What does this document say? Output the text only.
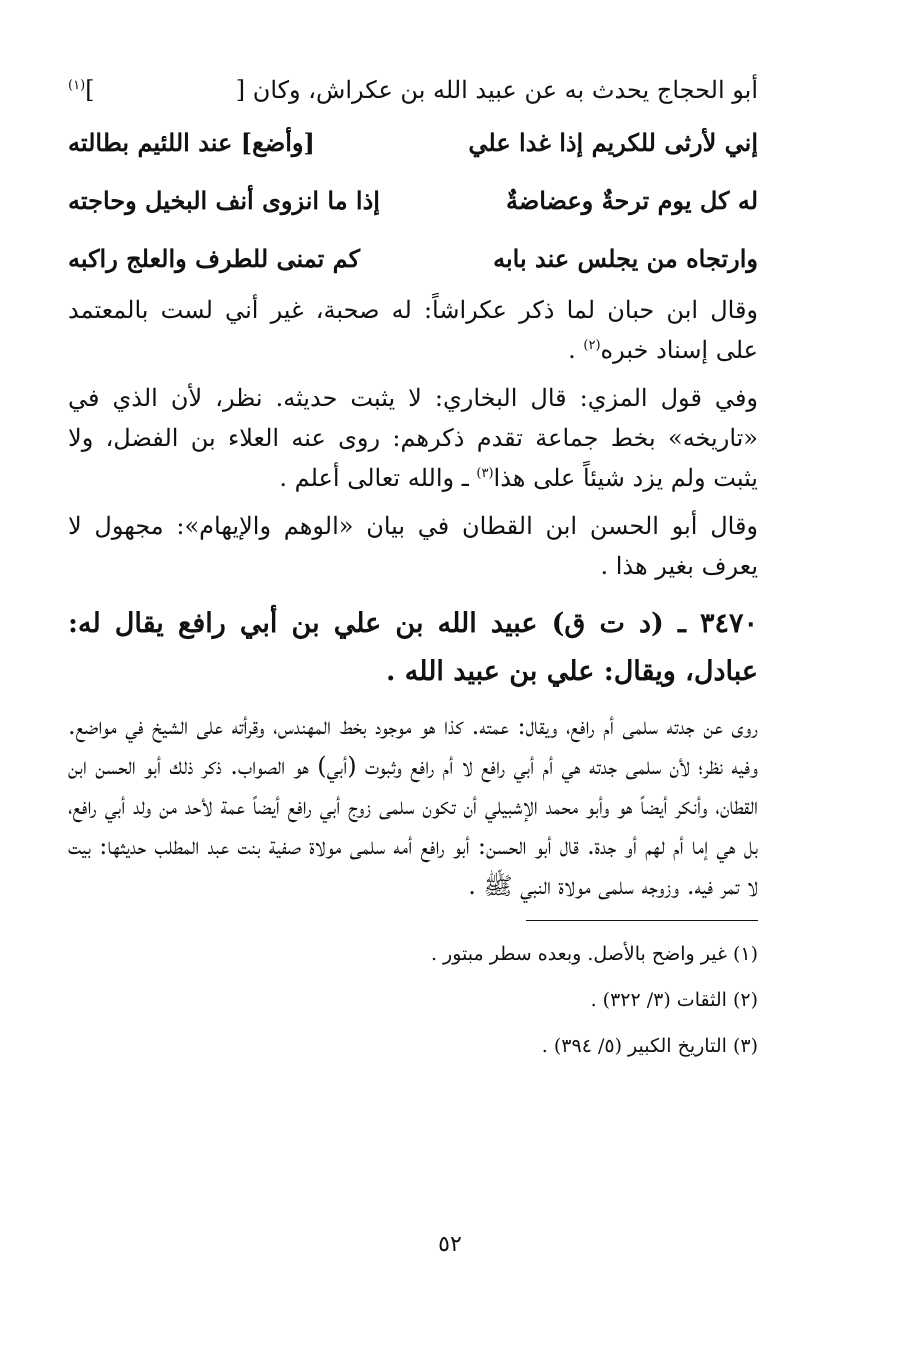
أبو الحجاج يحدث به عن عبيد الله بن عكراش، وكان [
]$^{(١)}$
إني لأرثى للكريم إذا غدا علي
[وأضع] عند اللئيم بطالته
له كل يوم ترحةٌ وعضاضةٌ
إذا ما انزوى أنف البخيل وحاجته
وارتجاه من يجلس عند بابه
كم تمنى للطرف والعلج راكبه

وقال ابن حبان لما ذكر عكراشاً: له صحبة، غير أني لست بالمعتمد على إسناد خبره$^{(٢)}$ .

وفي قول المزي: قال البخاري: لا يثبت حديثه. نظر، لأن الذي في «تاريخه» بخط جماعة تقدم ذكرهم: روى عنه العلاء بن الفضل، ولا يثبت ولم يزد شيئاً على هذا$^{(٣)}$ ـ والله تعالى أعلم .

وقال أبو الحسن ابن القطان في بيان «الوهم والإيهام»: مجهول لا يعرف بغير هذا .

٣٤٧٠ ـ (د ت ق) عبيد الله بن علي بن أبي رافع يقال له: عبادل، ويقال: علي بن عبيد الله .

روى عن جدته سلمى أم رافع، ويقال: عمته. كذا هو موجود بخط المهندس، وقرأته على الشيخ في مواضع. وفيه نظر؛ لأن سلمى جدته هي أم أبي رافع لا أم رافع وثبوت (أبي) هو الصواب. ذكر ذلك أبو الحسن ابن القطان، وأنكر أيضاً هو وأبو محمد الإشبيلي أن تكون سلمى زوج أبي رافع أيضاً عمة لأحد من ولد أبي رافع، بل هي إما أم لهم أو جدة. قال أبو الحسن: أبو رافع أمه سلمى مولاة صفية بنت عبد المطلب حديثها: بيت لا تمر فيه. وزوجه سلمى مولاة النبي ﷺ .

(١) غير واضح بالأصل. وبعده سطر مبتور .
(٢) الثقات (٣/ ٣٢٢) .
(٣) التاريخ الكبير (٥/ ٣٩٤) .
٥٢
